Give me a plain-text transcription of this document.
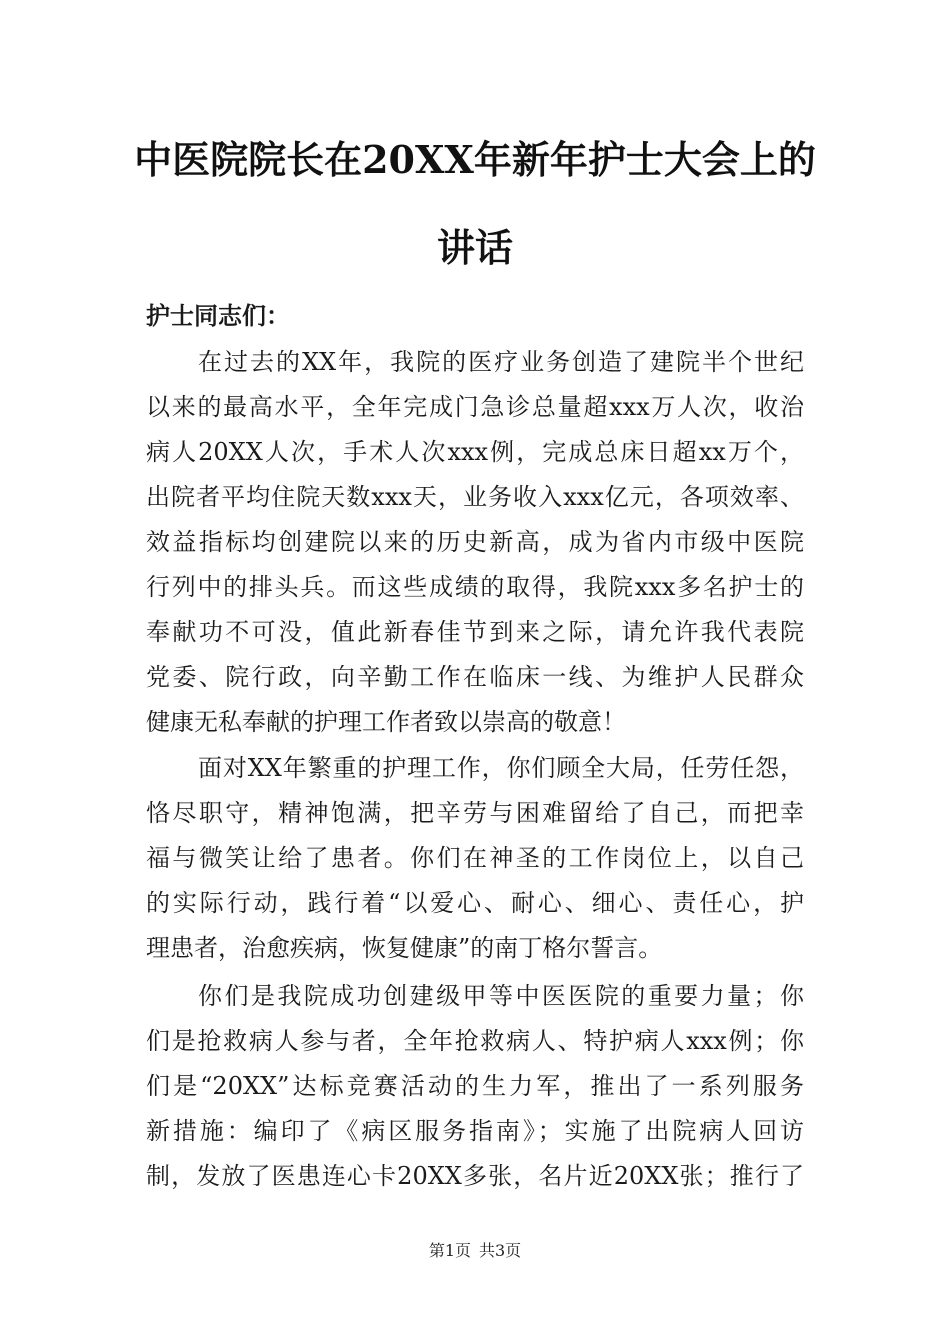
中医院院长在20XX年新年护士大会上的
讲话
护士同志们：
在过去的XX年，我院的医疗业务创造了建院半个世纪
以来的最高水平，全年完成门急诊总量超xxx万人次，收治
病人20XX人次，手术人次xxx例，完成总床日超xx万个，
出院者平均住院天数xxx天，业务收入xxx亿元，各项效率、
效益指标均创建院以来的历史新高，成为省内市级中医院
行列中的排头兵。而这些成绩的取得，我院xxx多名护士的
奉献功不可没，值此新春佳节到来之际，请允许我代表院
党委、院行政，向辛勤工作在临床一线、为维护人民群众
健康无私奉献的护理工作者致以崇高的敬意！
面对XX年繁重的护理工作，你们顾全大局，任劳任怨，
恪尽职守，精神饱满，把辛劳与困难留给了自己，而把幸
福与微笑让给了患者。你们在神圣的工作岗位上，以自己
的实际行动，践行着“以爱心、耐心、细心、责任心，护
理患者，治愈疾病，恢复健康”的南丁格尔誓言。
你们是我院成功创建级甲等中医医院的重要力量；你
们是抢救病人参与者，全年抢救病人、特护病人xxx例；你
们是“20XX”达标竞赛活动的生力军，推出了一系列服务
新措施：编印了《病区服务指南》；实施了出院病人回访
制，发放了医患连心卡20XX多张，名片近20XX张；推行了
第1页 共3页
